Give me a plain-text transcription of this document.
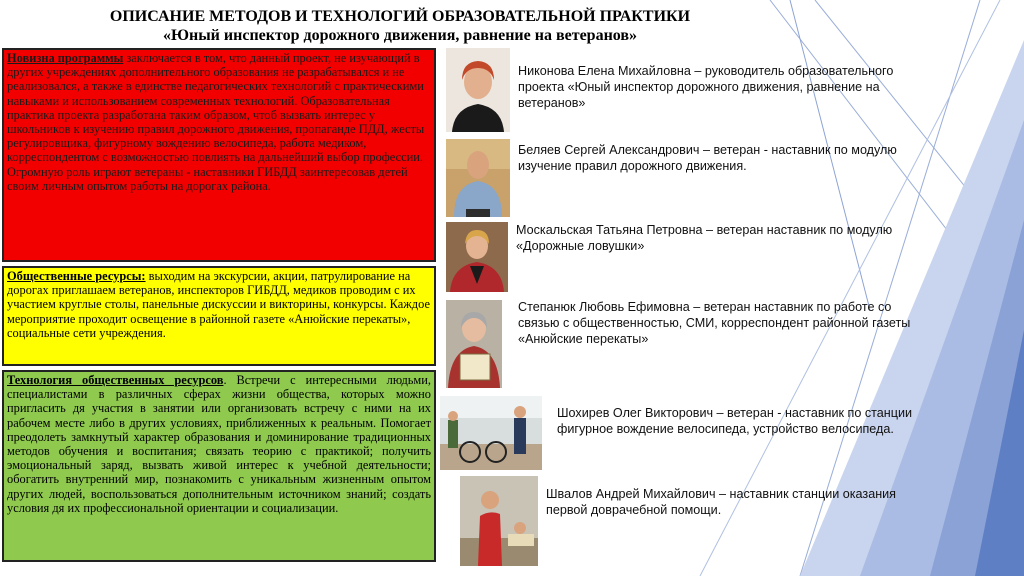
ОПИСАНИЕ МЕТОДОВ И ТЕХНОЛОГИЙ ОБРАЗОВАТЕЛЬНОЙ ПРАКТИКИ
«Юный инспектор дорожного движения, равнение на ветеранов»
Новизна программы заключается в том, что данный проект, не изучающий в других учреждениях дополнительного образования не разрабатывался и не реализовался, а также в единстве педагогических технологий с практическими навыками и использованием современных технологий. Образовательная практика проекта разработана таким образом, чтоб вызвать интерес у школьников к изучению правил дорожного движения, пропаганде ПДД, жесты регулировщика, фигурному вождению велосипеда, работа медиком, корреспондентом с возможностью повлиять на дальнейший выбор профессии. Огромную роль играют ветераны - наставники ГИБДД заинтересовав детей своим личным опытом работы на дорогах района.
Общественные ресурсы: выходим на экскурсии, акции, патрулирование на дорогах приглашаем ветеранов, инспекторов ГИБДД, медиков проводим с их участием круглые столы, панельные дискуссии и викторины, конкурсы. Каждое мероприятие проходит освещение в районной газете «Анюйские перекаты», социальные сети учреждения.
Технология общественных ресурсов. Встречи с интересными людьми, специалистами в различных сферах жизни общества, которых можно пригласить дя участия в занятии или организовать встречу с ними на их рабочем месте либо в других условиях, приближенных к реальным. Помогает преодолеть замкнутый характер образования и доминирование традиционных методов обучения и воспитания; связать теорию с практикой; получить эмоциональный заряд, вызвать живой интерес к учебной деятельности; обогатить внутренний мир, познакомить с уникальным жизненным опытом других людей, воспользоваться дополнительным источником знаний; создать условия дя их профессиональной ориентации и социализации.
Никонова Елена Михайловна – руководитель образовательного проекта «Юный инспектор дорожного движения, равнение на ветеранов»
Беляев Сергей Александрович – ветеран - наставник по модулю изучение правил дорожного движения.
Москальская Татьяна Петровна – ветеран наставник по модулю «Дорожные ловушки»
Степанюк Любовь Ефимовна – ветеран наставник по работе со связью с общественностью, СМИ, корреспондент районной газеты «Анюйские перекаты»
Шохирев Олег Викторович – ветеран - наставник по станции фигурное вождение велосипеда, устройство велосипеда.
Швалов Андрей Михайлович – наставник станции оказания первой доврачебной помощи.
